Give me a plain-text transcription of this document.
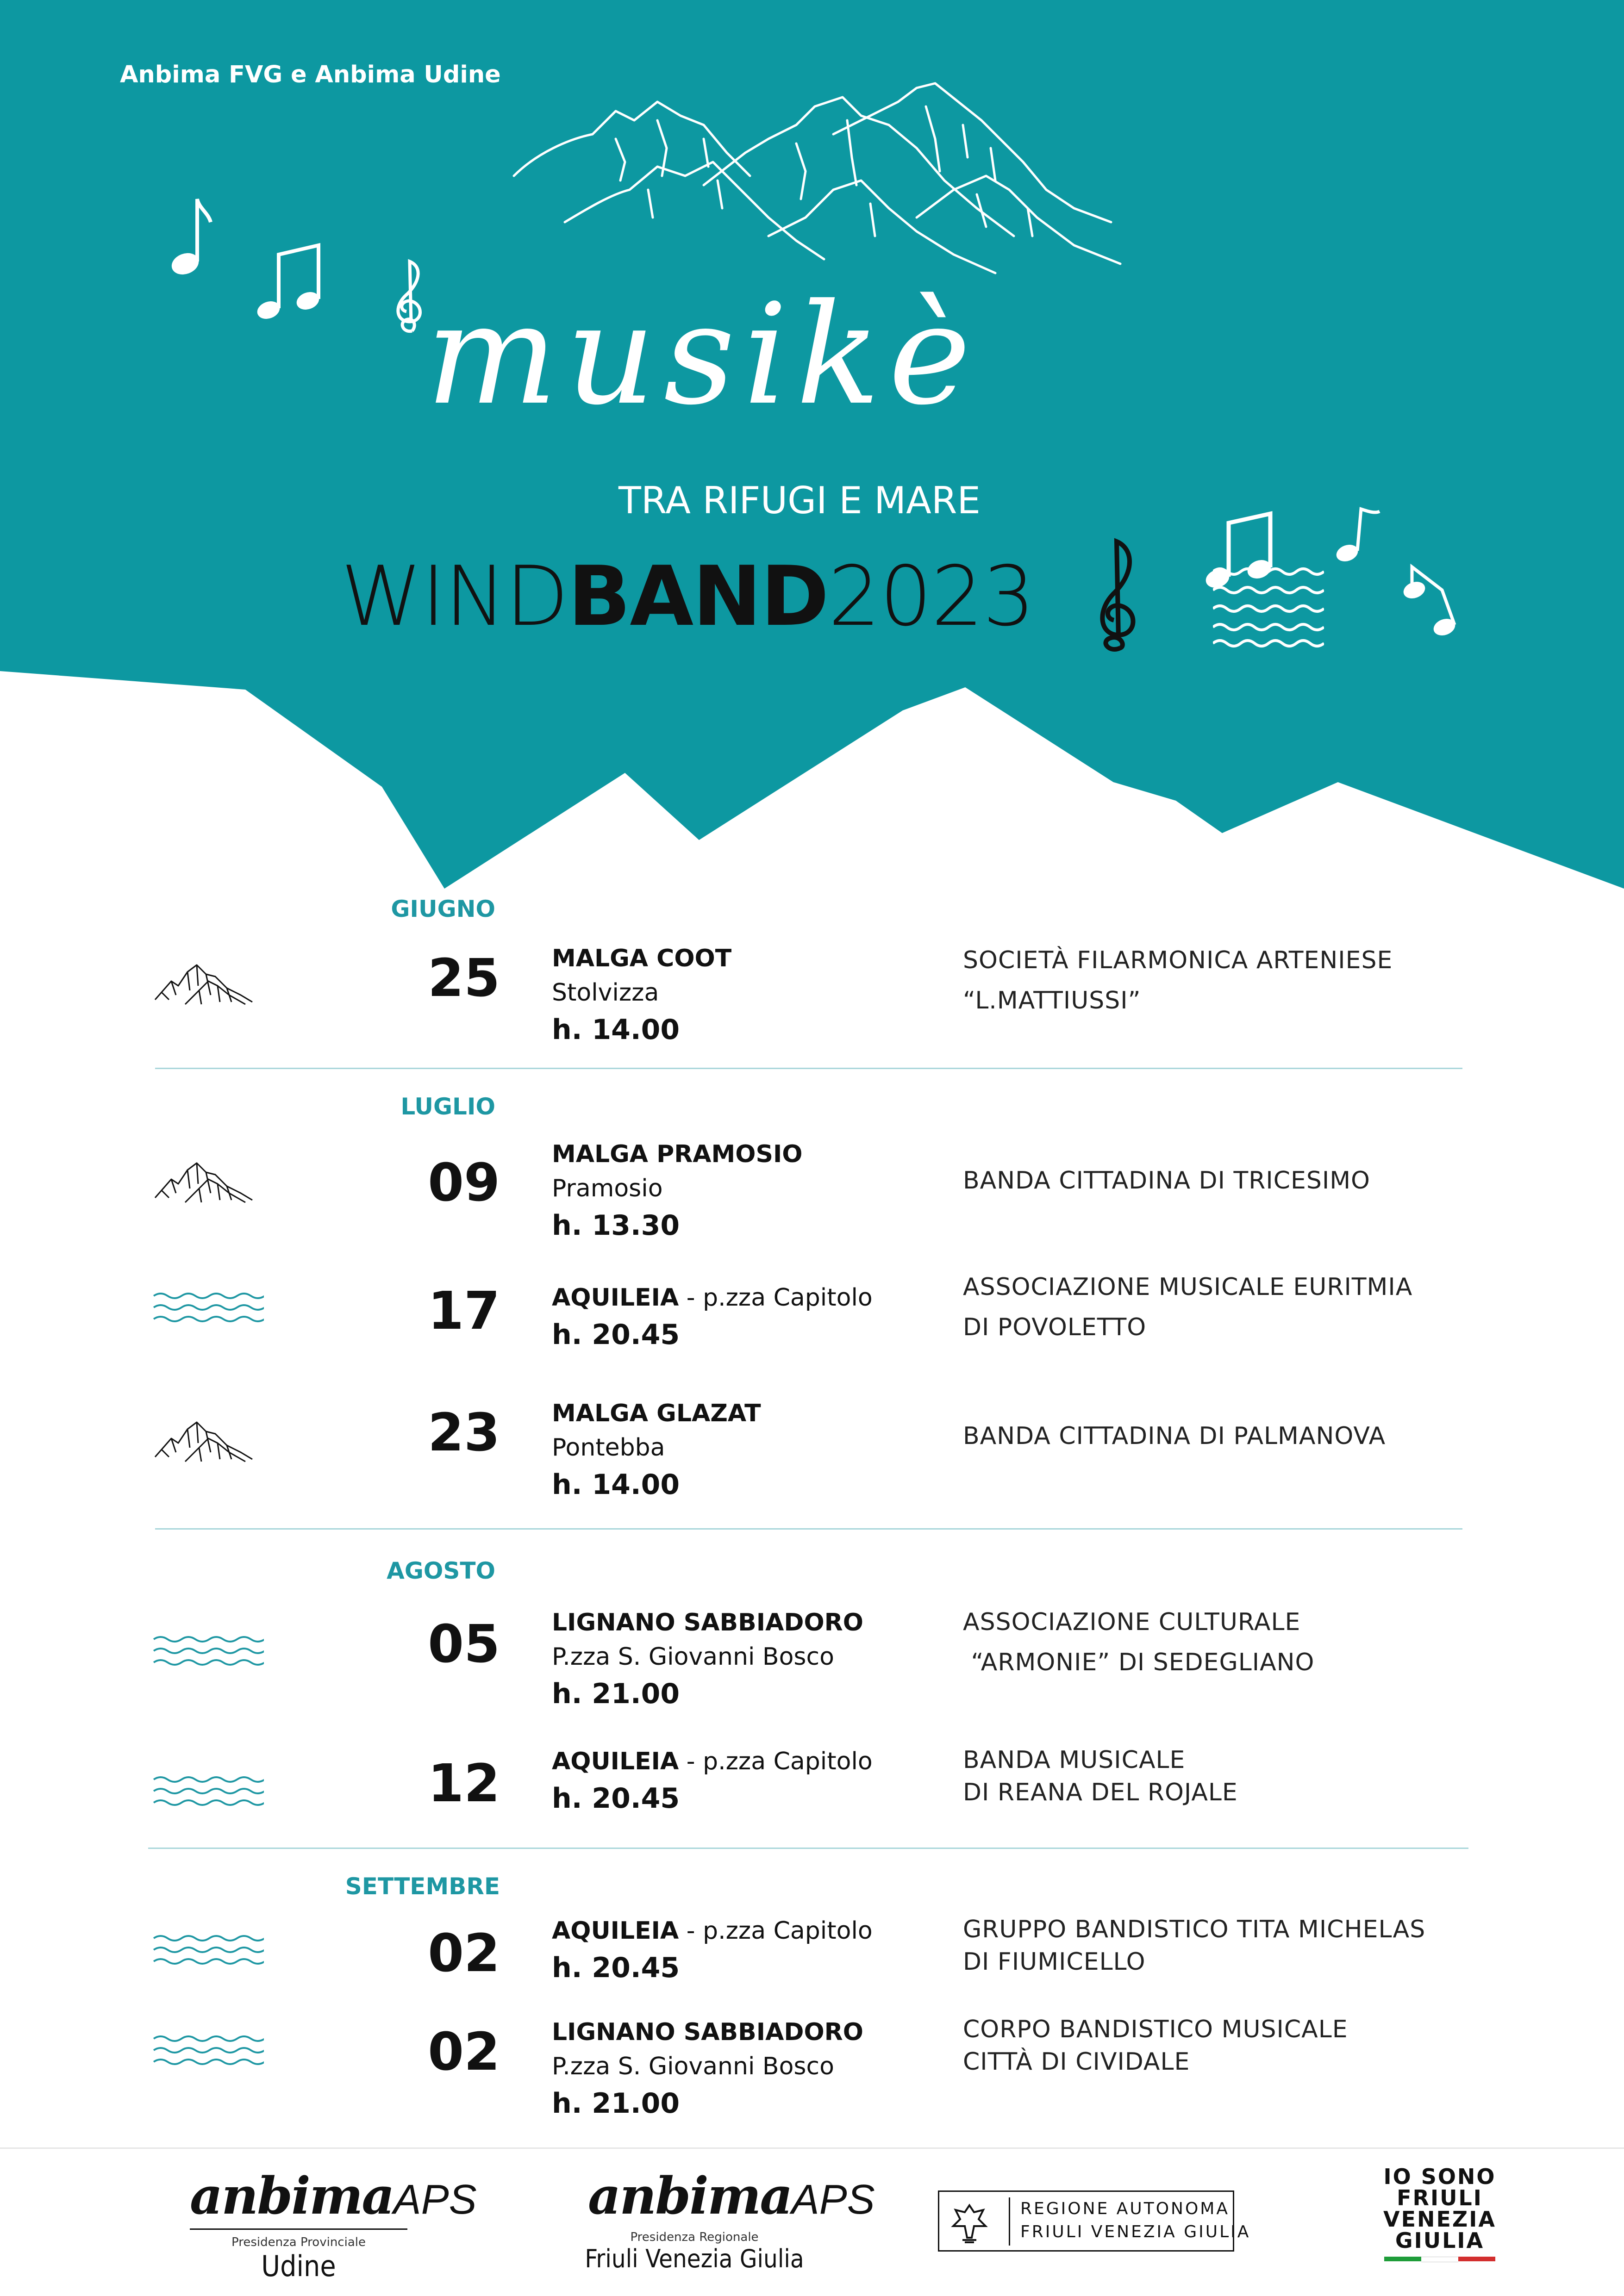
Anbima FVG e Anbima Udine
musikè
TRA RIFUGI E MARE
WINDBAND2023
GIUGNO
25 MALGA COOT
Stolvizza
h. 14.00
SOCIETÀ FILARMONICA ARTENIESE
“L.MATTIUSSI”
LUGLIO
09 MALGA PRAMOSIO
Pramosio
h. 13.30
BANDA CITTADINA DI TRICESIMO
17 AQUILEIA - p.zza Capitolo
h. 20.45
ASSOCIAZIONE MUSICALE EURITMIA
DI POVOLETTO
23 MALGA GLAZAT
Pontebba
h. 14.00
BANDA CITTADINA DI PALMANOVA
AGOSTO
05 LIGNANO SABBIADORO
P.zza S. Giovanni Bosco
h. 21.00
ASSOCIAZIONE CULTURALE
“ARMONIE” DI SEDEGLIANO
12 AQUILEIA - p.zza Capitolo
h. 20.45
BANDA MUSICALE
DI REANA DEL ROJALE
SETTEMBRE
02 AQUILEIA - p.zza Capitolo
h. 20.45
GRUPPO BANDISTICO TITA MICHELAS
DI FIUMICELLO
02 LIGNANO SABBIADORO
P.zza S. Giovanni Bosco
h. 21.00
CORPO BANDISTICO MUSICALE
CITTÀ DI CIVIDALE
anbimaAPS
Presidenza Provinciale
Udine
anbimaAPS
Presidenza Regionale
Friuli Venezia Giulia
REGIONE AUTONOMA
FRIULI VENEZIA GIULIA
IO SONO
FRIULI
VENEZIA
GIULIA
